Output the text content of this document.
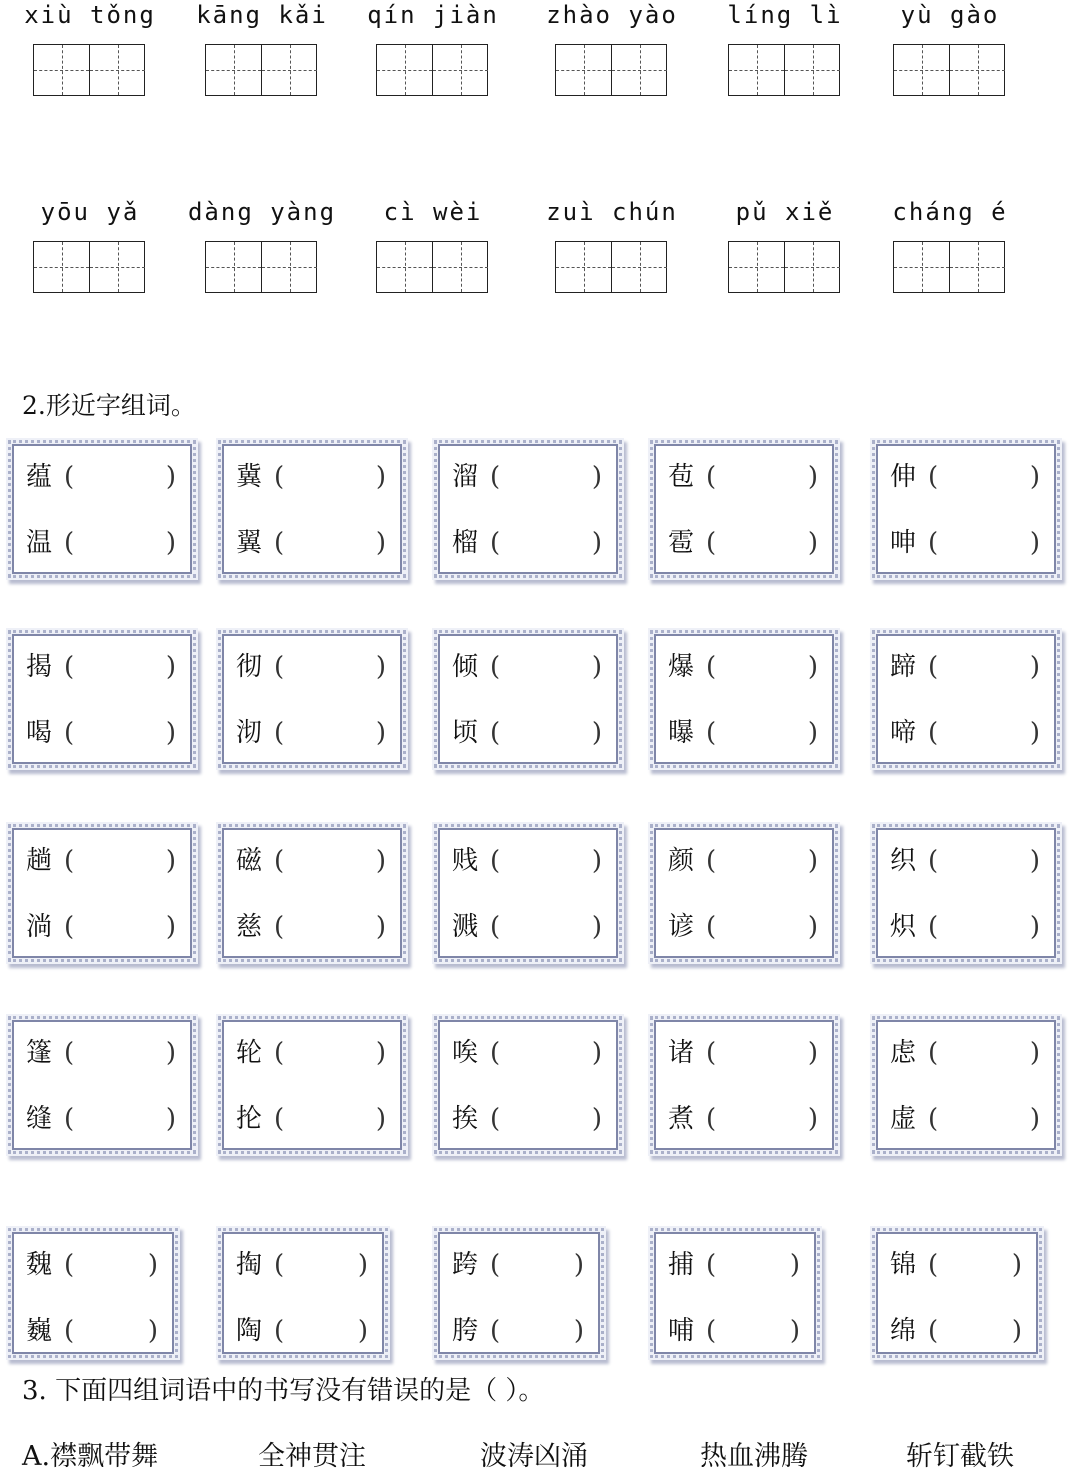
xiù tǒng	kāng kǎi	qín jiàn	zhào yào	líng lì	yù gào
yōu yǎ	dàng yàng	cì wèi	zuì chún	pǔ xiě	cháng é
2.形近字组词。
蕴 (	)
温 (	)
冀 (	)
翼 (	)
溜 (	)
榴 (	)
苞 (	)
雹 (	)
伸 (	)
呻 (	)
揭 (	)
喝 (	)
彻 (	)
沏 (	)
倾 (	)
顷 (	)
爆 (	)
曝 (	)
蹄 (	)
啼 (	)
趟 (	)
淌 (	)
磁 (	)
慈 (	)
贱 (	)
溅 (	)
颜 (	)
谚 (	)
织 (	)
炽 (	)
篷 (	)
缝 (	)
轮 (	)
抡 (	)
唉 (	)
挨 (	)
诸 (	)
煮 (	)
虑 (	)
虚 (	)
魏 (	)
巍 (	)
掏 (	)
陶 (	)
跨 (	)
胯 (	)
捕 (	)
哺 (	)
锦 (	)
绵 (	)
3. 下面四组词语中的书写没有错误的是（ ）。
A.襟飘带舞	全神贯注	波涛凶涌	热血沸腾	斩钉截铁
